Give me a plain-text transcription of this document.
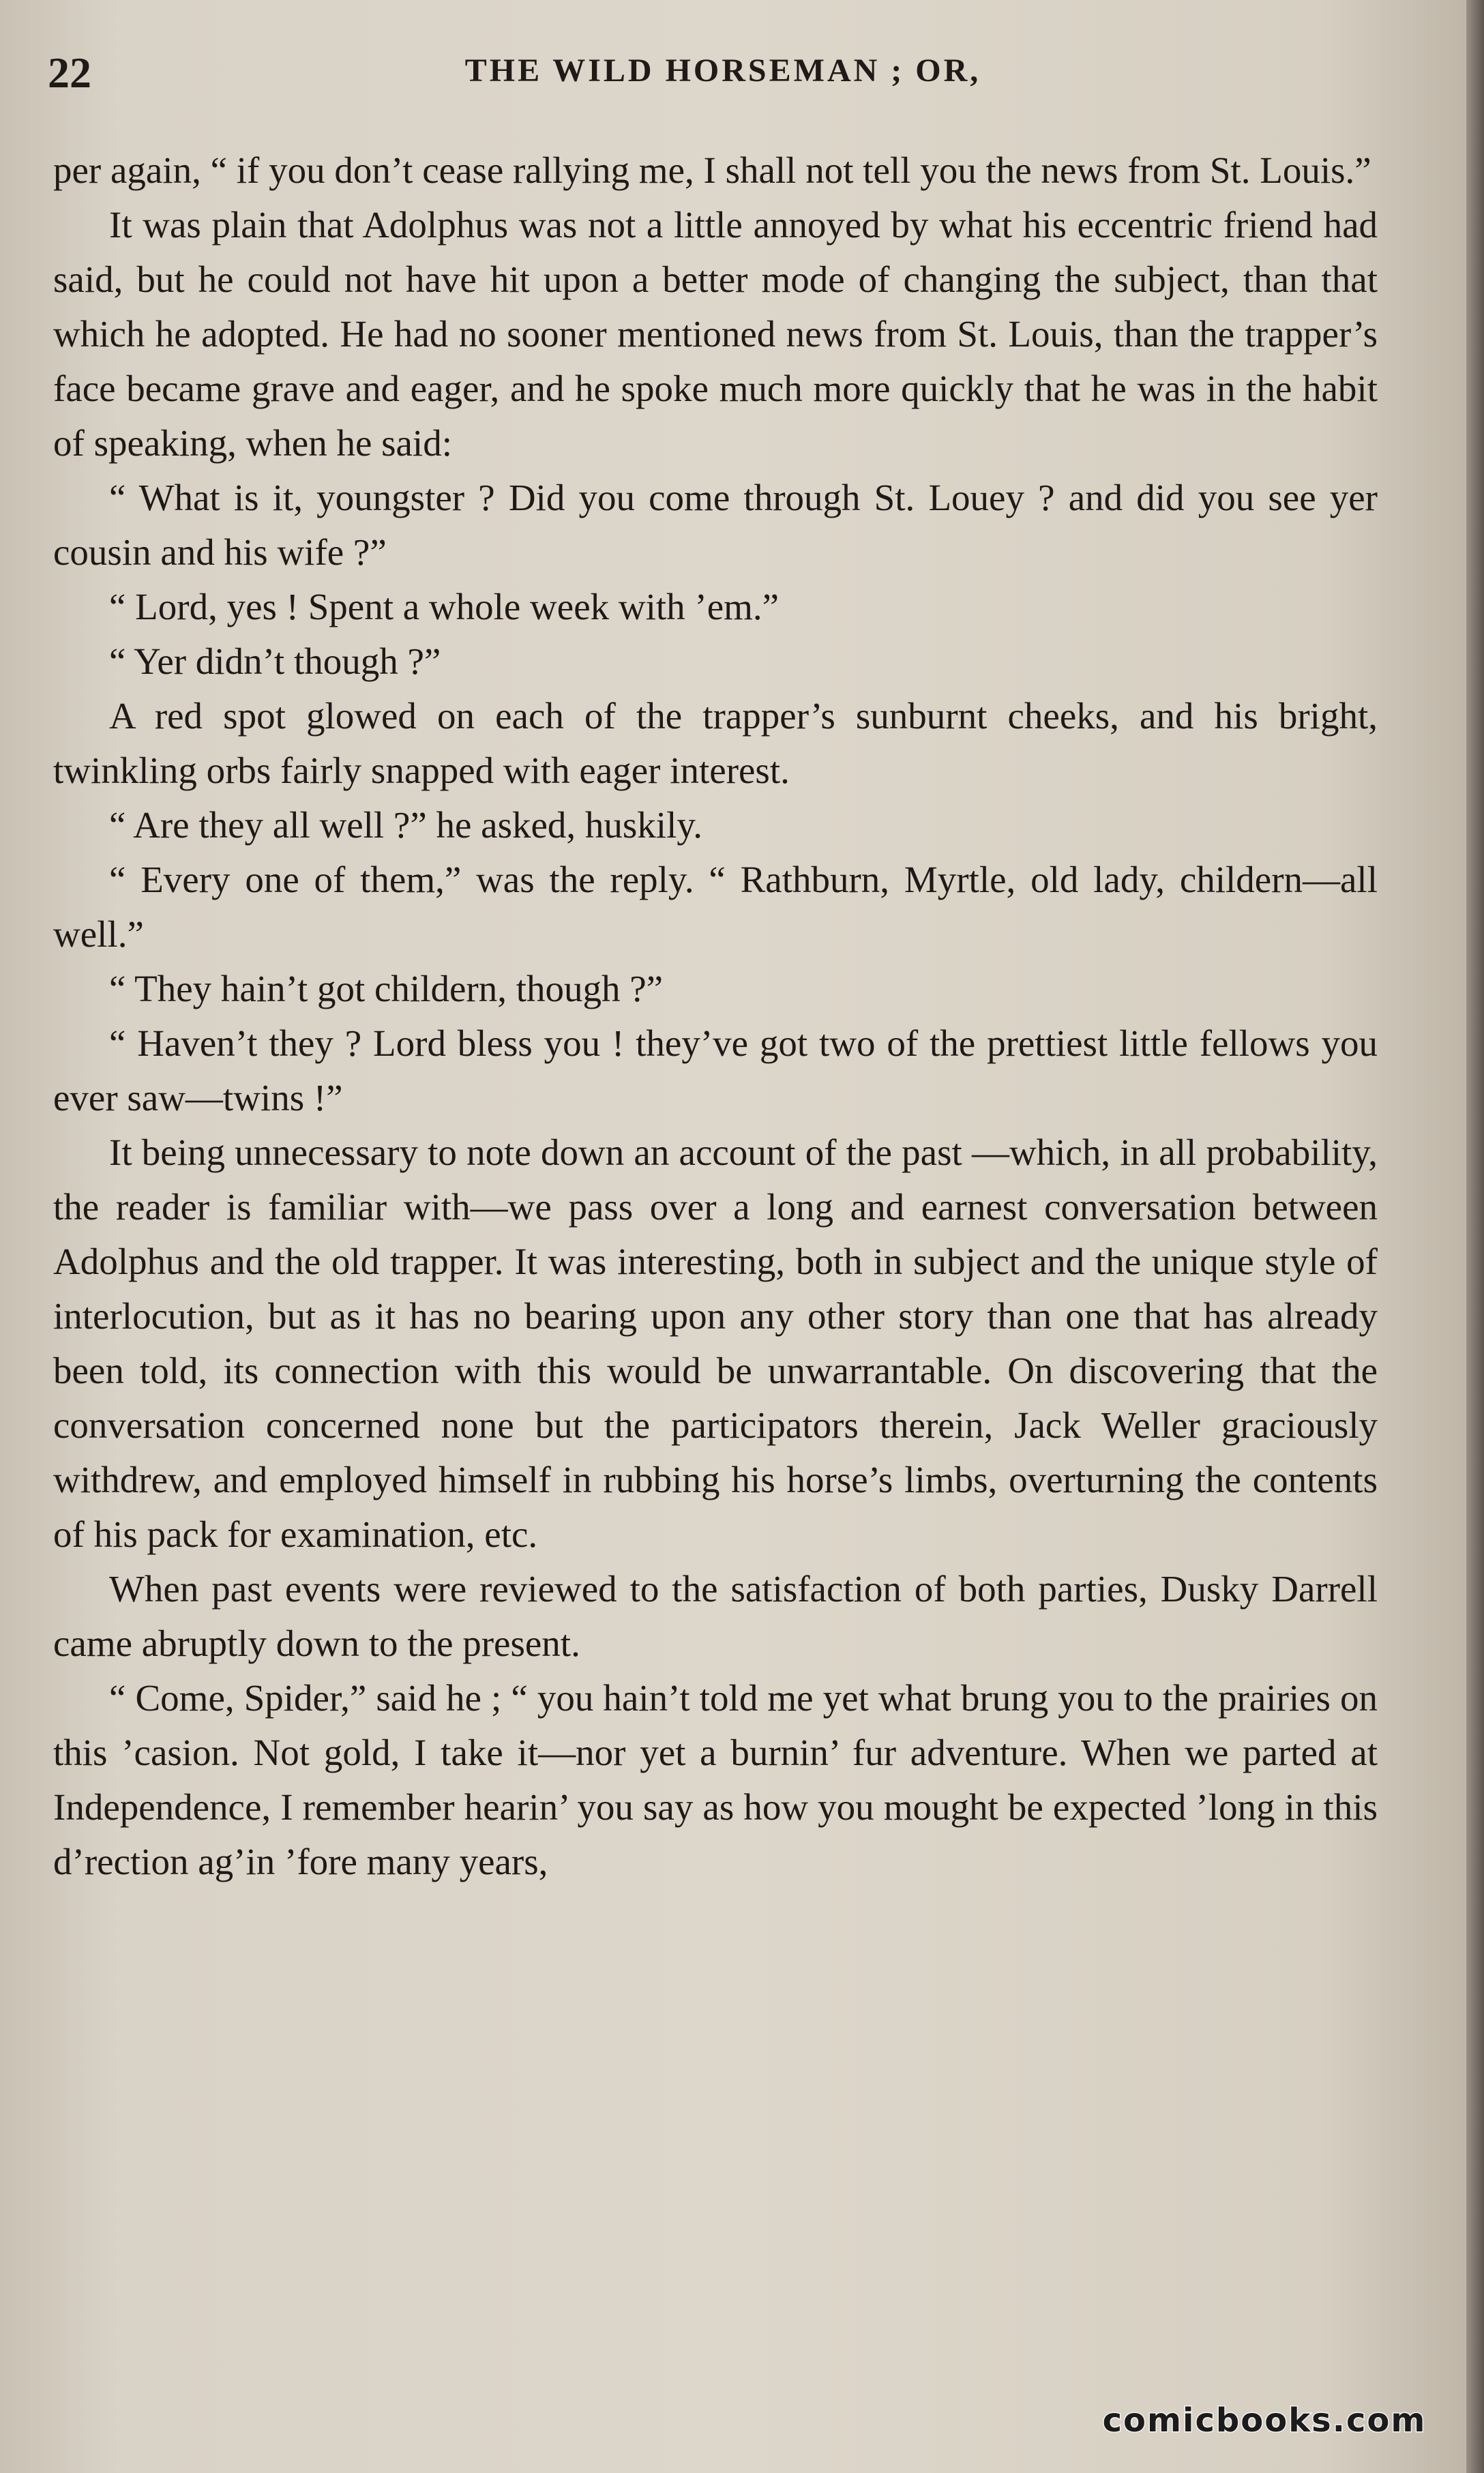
22	THE WILD HORSEMAN ; OR,

per again, “ if you don’t cease rallying me, I shall not tell you the news from St. Louis.”

It was plain that Adolphus was not a little annoyed by what his eccentric friend had said, but he could not have hit upon a better mode of changing the subject, than that which he adopted. He had no sooner mentioned news from St. Louis, than the trapper’s face became grave and eager, and he spoke much more quickly that he was in the habit of speaking, when he said:

“ What is it, youngster ? Did you come through St. Louey ? and did you see yer cousin and his wife ?”

“ Lord, yes ! Spent a whole week with ’em.”

“ Yer didn’t though ?”

A red spot glowed on each of the trapper’s sunburnt cheeks, and his bright, twinkling orbs fairly snapped with eager interest.

“ Are they all well ?” he asked, huskily.

“ Every one of them,” was the reply. “ Rathburn, Myrtle, old lady, childern—all well.”

“ They hain’t got childern, though ?”

“ Haven’t they ? Lord bless you ! they’ve got two of the prettiest little fellows you ever saw—twins !”

It being unnecessary to note down an account of the past —which, in all probability, the reader is familiar with—we pass over a long and earnest conversation between Adolphus and the old trapper. It was interesting, both in subject and the unique style of interlocution, but as it has no bearing upon any other story than one that has already been told, its connection with this would be unwarrantable. On discovering that the conversation concerned none but the participators therein, Jack Weller graciously withdrew, and employed himself in rubbing his horse’s limbs, overturning the contents of his pack for examination, etc.

When past events were reviewed to the satisfaction of both parties, Dusky Darrell came abruptly down to the present.

“ Come, Spider,” said he ; “ you hain’t told me yet what brung you to the prairies on this ’casion. Not gold, I take it—nor yet a burnin’ fur adventure. When we parted at Independence, I remember hearin’ you say as how you mought be expected ’long in this d’rection ag’in ’fore many years,

comicbooks.com
